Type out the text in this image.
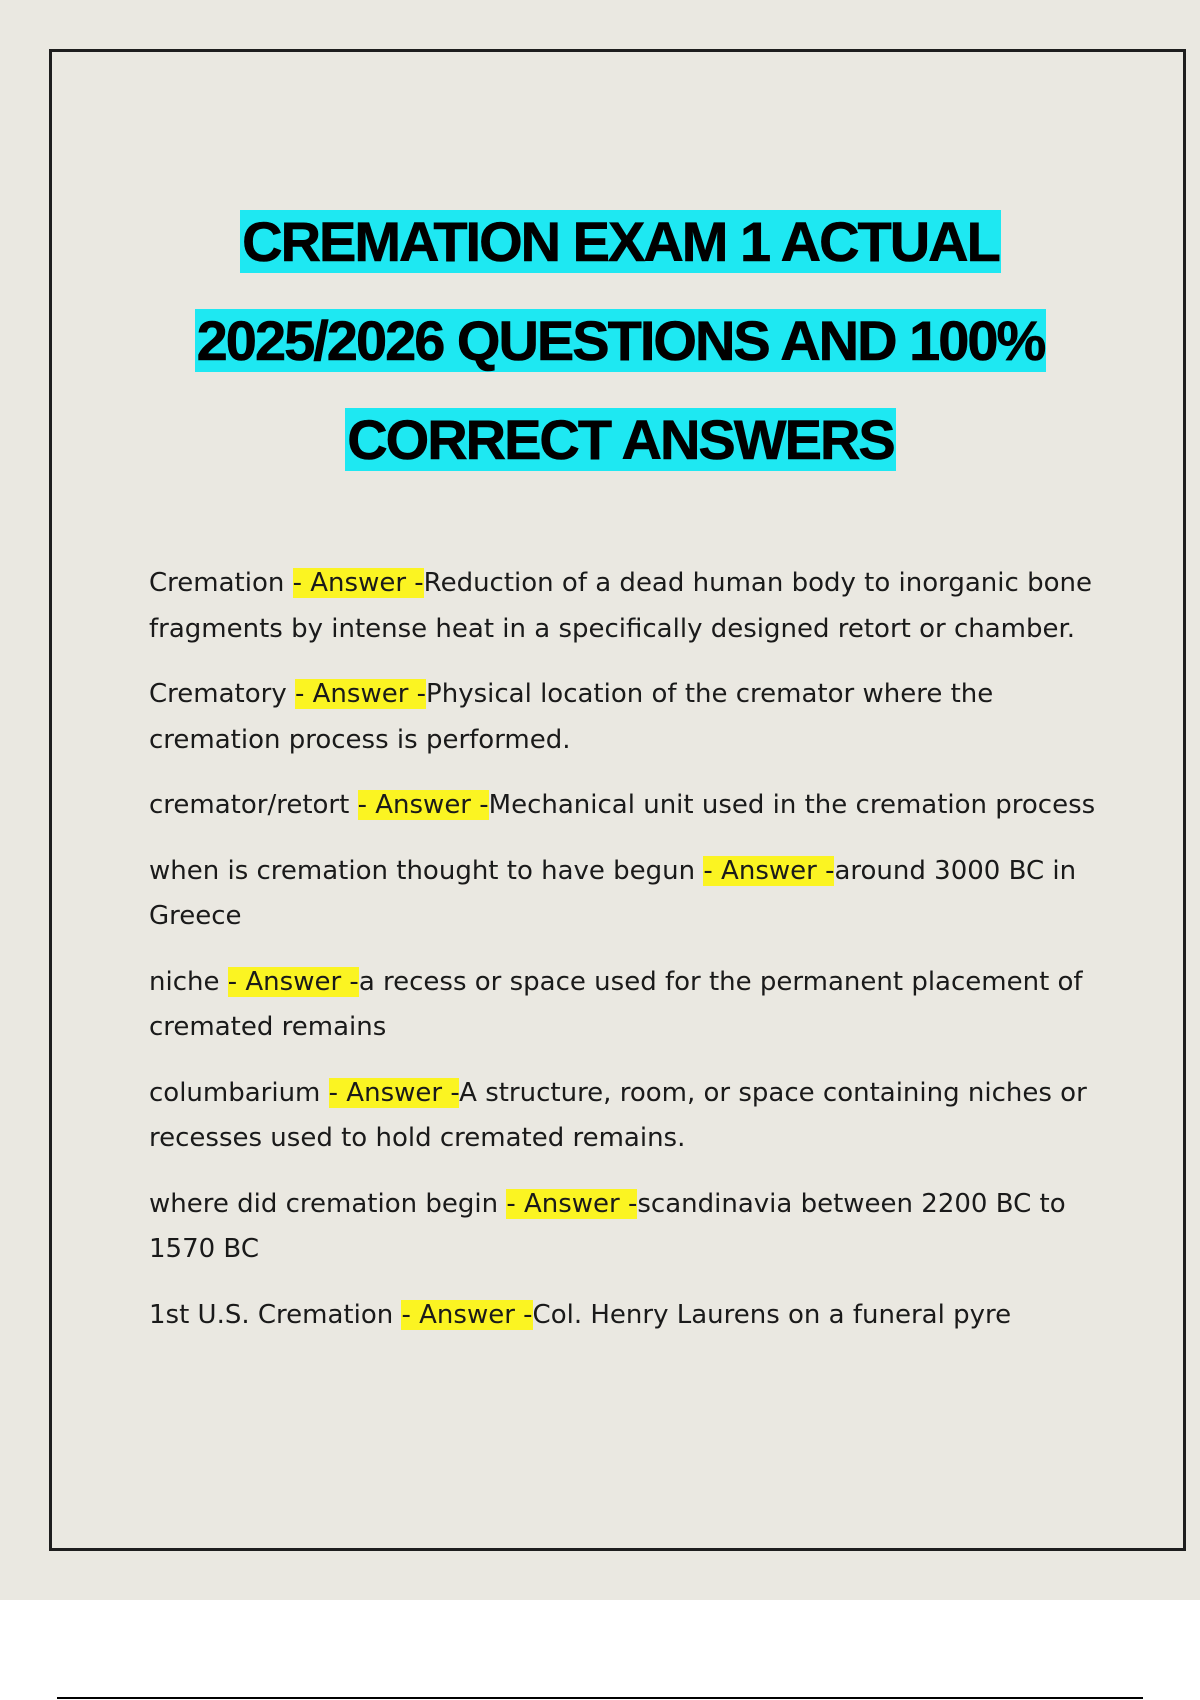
CREMATION EXAM 1 ACTUAL
2025/2026 QUESTIONS AND 100%
CORRECT ANSWERS

Cremation - Answer -Reduction of a dead human body to inorganic bone fragments by intense heat in a specifically designed retort or chamber.

Crematory - Answer -Physical location of the cremator where the cremation process is performed.

cremator/retort - Answer -Mechanical unit used in the cremation process

when is cremation thought to have begun - Answer -around 3000 BC in Greece

niche - Answer -a recess or space used for the permanent placement of cremated remains

columbarium - Answer -A structure, room, or space containing niches or recesses used to hold cremated remains.

where did cremation begin - Answer -scandinavia between 2200 BC to 1570 BC

1st U.S. Cremation - Answer -Col. Henry Laurens on a funeral pyre
